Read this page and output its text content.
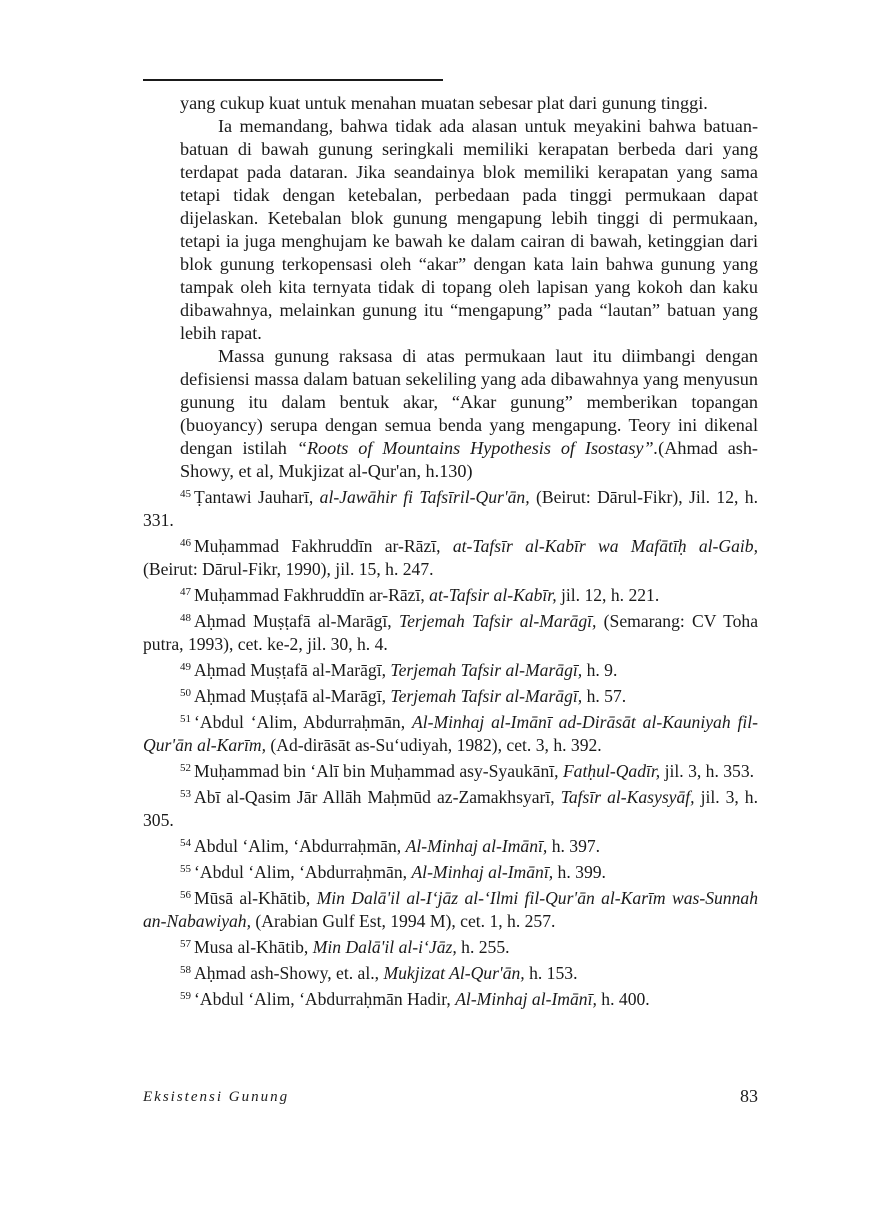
yang cukup kuat untuk menahan muatan sebesar plat dari gunung tinggi.

Ia memandang, bahwa tidak ada alasan untuk meyakini bahwa batuan-batuan di bawah gunung seringkali memiliki kerapatan berbeda dari yang terdapat pada dataran. Jika seandainya blok memiliki kerapatan yang sama tetapi tidak dengan ketebalan, perbedaan pada tinggi permukaan dapat dijelaskan. Ketebalan blok gunung mengapung lebih tinggi di permukaan, tetapi ia juga menghujam ke bawah ke dalam cairan di bawah, ketinggian dari blok gunung terkopensasi oleh “akar” dengan kata lain bahwa gunung yang tampak oleh kita ternyata tidak di topang oleh lapisan yang kokoh dan kaku dibawahnya, melainkan gunung itu “mengapung” pada “lautan” batuan yang lebih rapat.

Massa gunung raksasa di atas permukaan laut itu diimbangi dengan defisiensi massa dalam batuan sekeliling yang ada dibawahnya yang menyusun gunung itu dalam bentuk akar, “Akar gunung” memberikan topangan (buoyancy) serupa dengan semua benda yang mengapung. Teory ini dikenal dengan istilah “Roots of Mountains Hypothesis of Isostasy”.(Ahmad ash-Showy, et al, Mukjizat al-Qur'an, h.130)

$^{45}$ Ṭantawi Jauharī, al-Jawāhir fi Tafsīril-Qur'ān, (Beirut: Dārul-Fikr), Jil. 12, h. 331.

$^{46}$ Muḥammad Fakhruddīn ar-Rāzī, at-Tafsīr al-Kabīr wa Mafātīḥ al-Gaib, (Beirut: Dārul-Fikr, 1990), jil. 15, h. 247.

$^{47}$ Muḥammad Fakhruddīn ar-Rāzī, at-Tafsir al-Kabīr, jil. 12, h. 221.

$^{48}$ Aḥmad Muṣṭafā al-Marāgī, Terjemah Tafsir al-Marāgī, (Semarang: CV Toha putra, 1993), cet. ke-2, jil. 30, h. 4.

$^{49}$ Aḥmad Muṣṭafā al-Marāgī, Terjemah Tafsir al-Marāgī, h. 9.

$^{50}$ Aḥmad Muṣṭafā al-Marāgī, Terjemah Tafsir al-Marāgī, h. 57.

$^{51}$ ‘Abdul ‘Alim, Abdurraḥmān, Al-Minhaj al-Imānī ad-Dirāsāt al-Kauniyah fil-Qur'ān al-Karīm, (Ad-dirāsāt as-Su‘udiyah, 1982), cet. 3, h. 392.

$^{52}$ Muḥammad bin ‘Alī bin Muḥammad asy-Syaukānī, Fatḥul-Qadīr, jil. 3, h. 353.

$^{53}$ Abī al-Qasim Jār Allāh Maḥmūd az-Zamakhsyarī, Tafsīr al-Kasysyāf, jil. 3, h. 305.

$^{54}$ Abdul ‘Alim, ‘Abdurraḥmān, Al-Minhaj al-Imānī, h. 397.

$^{55}$ ‘Abdul ‘Alim, ‘Abdurraḥmān, Al-Minhaj al-Imānī, h. 399.

$^{56}$ Mūsā al-Khātib, Min Dalā'il al-I‘jāz al-‘Ilmi fil-Qur'ān al-Karīm was-Sunnah an-Nabawiyah, (Arabian Gulf Est, 1994 M), cet. 1, h. 257.

$^{57}$ Musa al-Khātib, Min Dalā'il al-i‘Jāz, h. 255.

$^{58}$ Aḥmad ash-Showy, et. al., Mukjizat Al-Qur'ān, h. 153.

$^{59}$ ‘Abdul ‘Alim, ‘Abdurraḥmān Hadir, Al-Minhaj al-Imānī, h. 400.

Eksistensi Gunung	83
